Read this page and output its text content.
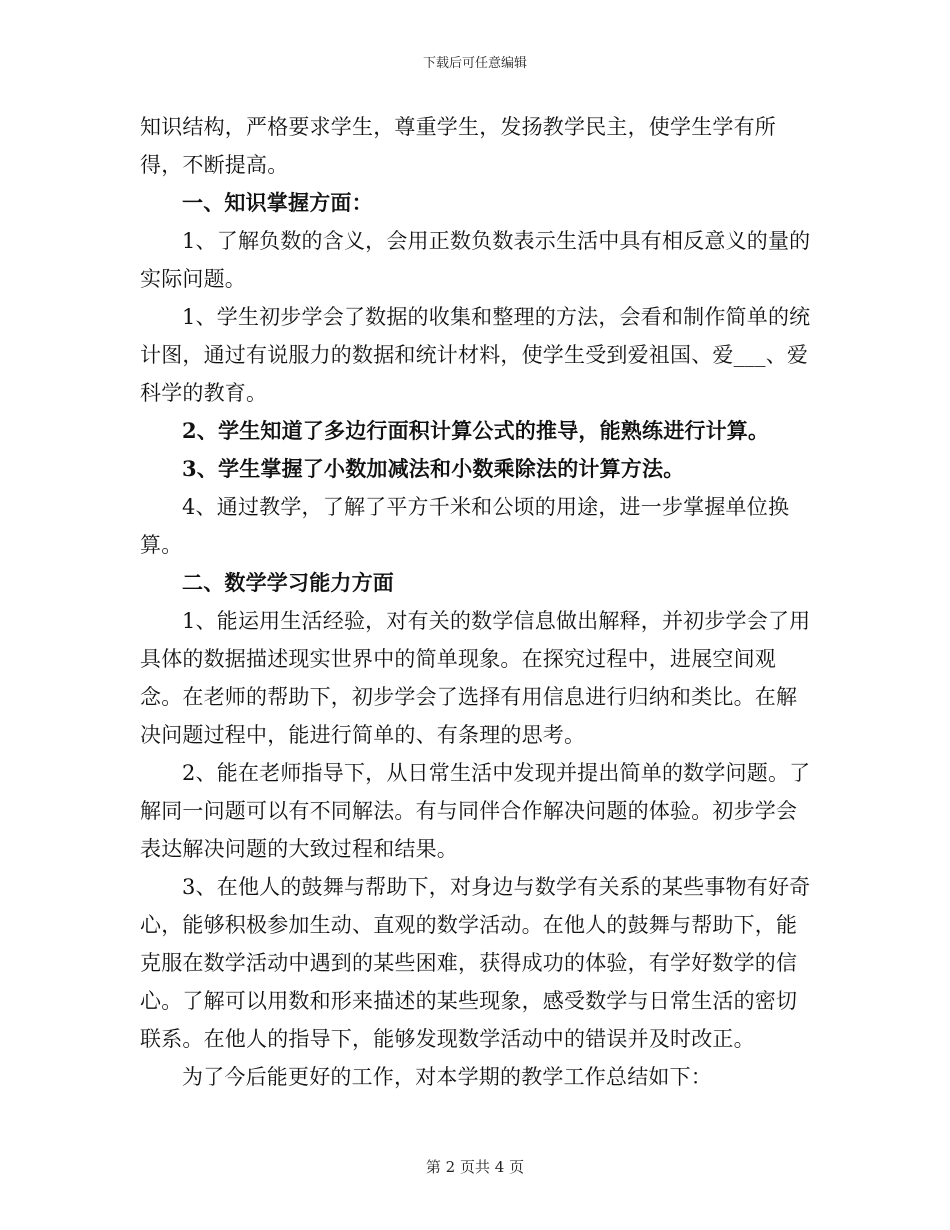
下载后可任意编辑

知识结构，严格要求学生，尊重学生，发扬教学民主，使学生学有所得，不断提高。

一、知识掌握方面：

1、了解负数的含义，会用正数负数表示生活中具有相反意义的量的实际问题。

1、学生初步学会了数据的收集和整理的方法，会看和制作简单的统计图，通过有说服力的数据和统计材料，使学生受到爱祖国、爱___、爱科学的教育。

2、学生知道了多边行面积计算公式的推导，能熟练进行计算。

3、学生掌握了小数加减法和小数乘除法的计算方法。

4、通过教学，了解了平方千米和公顷的用途，进一步掌握单位换算。

二、数学学习能力方面

1、能运用生活经验，对有关的数学信息做出解释，并初步学会了用具体的数据描述现实世界中的简单现象。在探究过程中，进展空间观念。在老师的帮助下，初步学会了选择有用信息进行归纳和类比。在解决问题过程中，能进行简单的、有条理的思考。

2、能在老师指导下，从日常生活中发现并提出简单的数学问题。了解同一问题可以有不同解法。有与同伴合作解决问题的体验。初步学会表达解决问题的大致过程和结果。

3、在他人的鼓舞与帮助下，对身边与数学有关系的某些事物有好奇心，能够积极参加生动、直观的数学活动。在他人的鼓舞与帮助下，能克服在数学活动中遇到的某些困难，获得成功的体验，有学好数学的信心。了解可以用数和形来描述的某些现象，感受数学与日常生活的密切联系。在他人的指导下，能够发现数学活动中的错误并及时改正。

为了今后能更好的工作，对本学期的教学工作总结如下：

第 2 页共 4 页
